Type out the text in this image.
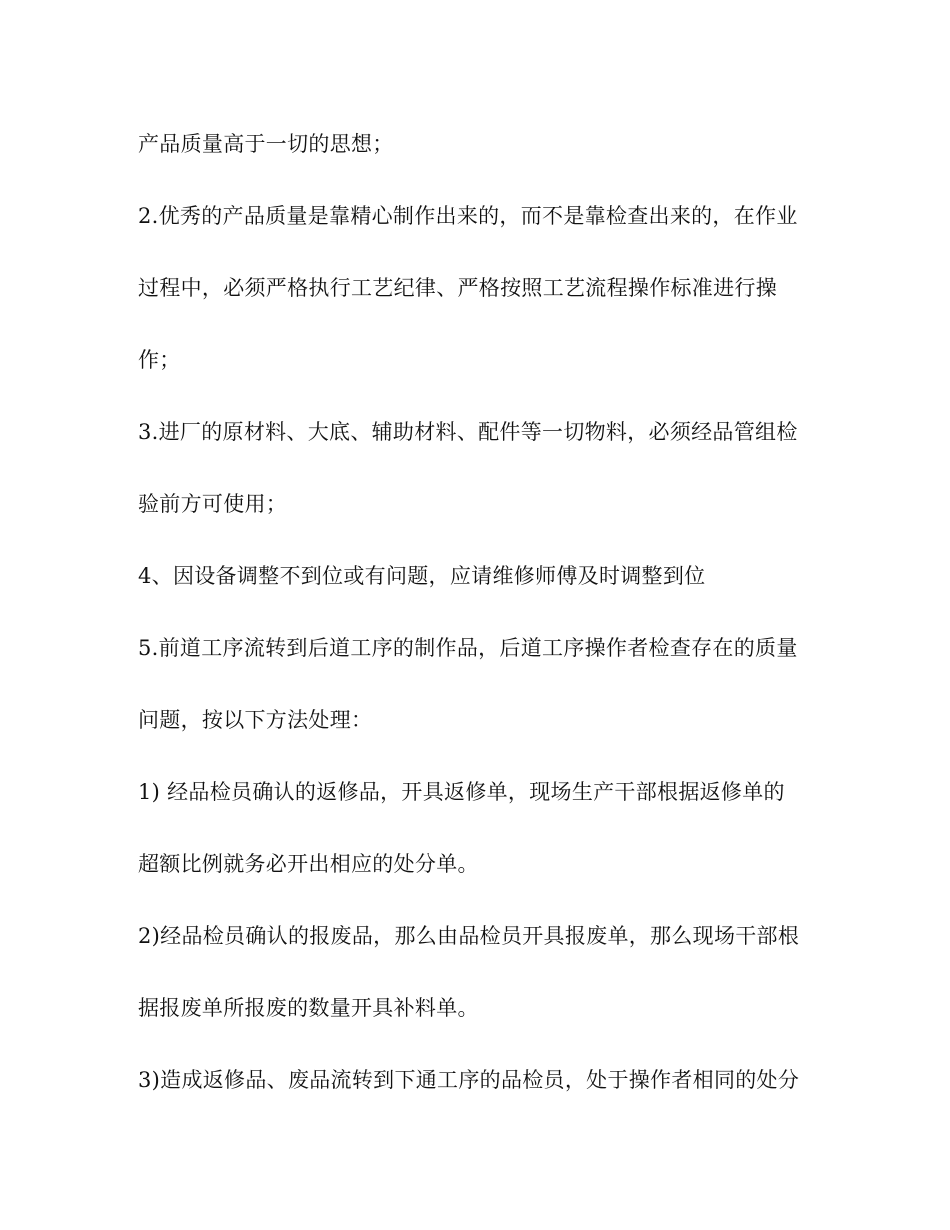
产品质量高于一切的思想；
2.优秀的产品质量是靠精心制作出来的，而不是靠检查出来的，在作业
过程中，必须严格执行工艺纪律、严格按照工艺流程操作标准进行操
作；
3.进厂的原材料、大底、辅助材料、配件等一切物料，必须经品管组检
验前方可使用；
4、因设备调整不到位或有问题，应请维修师傅及时调整到位
5.前道工序流转到后道工序的制作品，后道工序操作者检查存在的质量
问题，按以下方法处理：
1) 经品检员确认的返修品，开具返修单，现场生产干部根据返修单的
超额比例就务必开出相应的处分单。
2)经品检员确认的报废品，那么由品检员开具报废单，那么现场干部根
据报废单所报废的数量开具补料单。
3)造成返修品、废品流转到下通工序的品检员，处于操作者相同的处分
